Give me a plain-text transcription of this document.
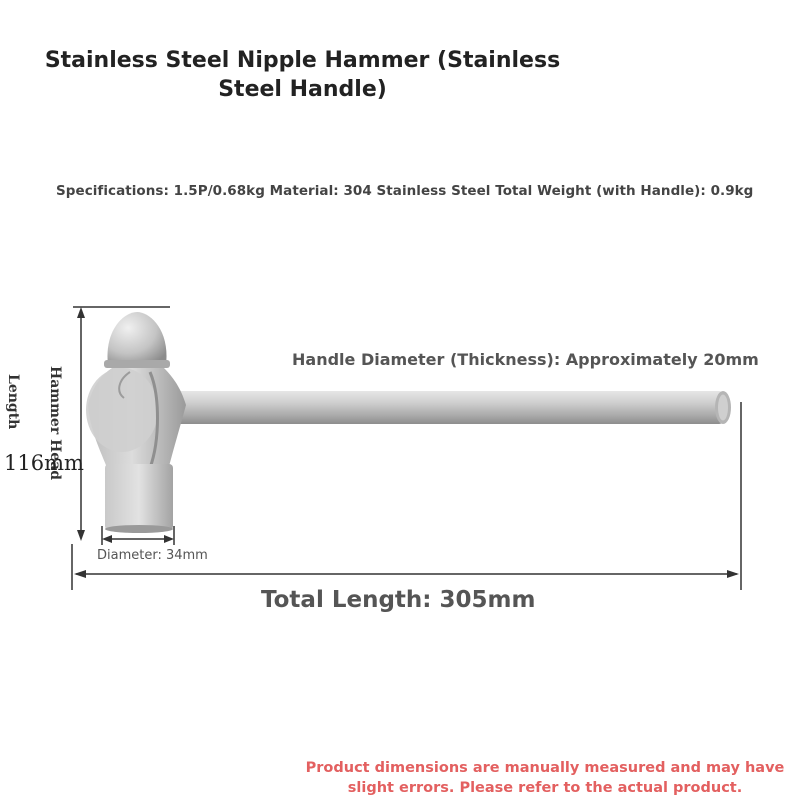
Stainless Steel Nipple Hammer (Stainless Steel Handle)
Specifications: 1.5P/0.68kg Material: 304 Stainless Steel Total Weight (with Handle): 0.9kg
Handle Diameter (Thickness): Approximately 20mm
Hammer Head
Length
116mm
Diameter: 34mm
Total Length: 305mm
Product dimensions are manually measured and may have slight errors. Please refer to the actual product.
